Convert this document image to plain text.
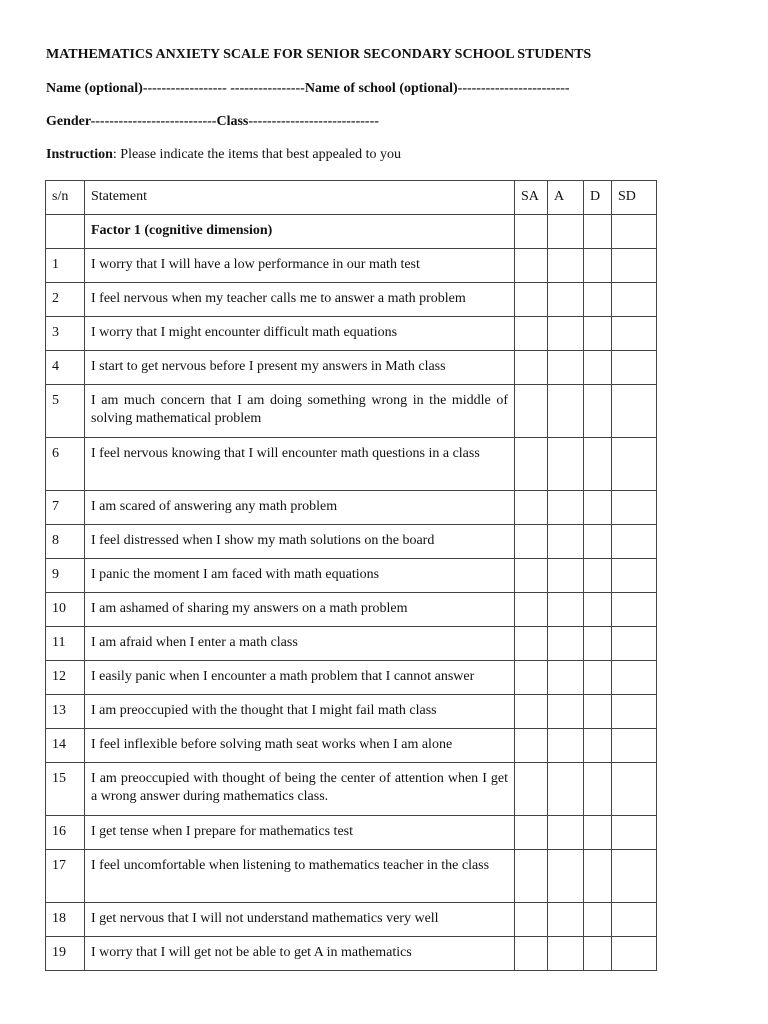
MATHEMATICS ANXIETY SCALE FOR SENIOR SECONDARY SCHOOL STUDENTS
Name (optional)------------------ ----------------Name of school (optional)------------------------
Gender---------------------------Class----------------------------
Instruction: Please indicate the items that best appealed to you
s/n	Statement	SA	A	D	SD
	Factor 1 (cognitive dimension)				
1	I worry that I will have a low performance in our math test				
2	I feel nervous when my teacher calls me to answer a math problem				
3	I worry that I might encounter difficult math equations				
4	I start to get nervous before I present my answers in Math class				
5	I am much concern that I am doing something wrong in the middle of solving mathematical problem				
6	I feel nervous knowing that I will encounter math questions in a class				
7	I am scared of answering any math problem				
8	I feel distressed when I show my math solutions on the board				
9	I panic the moment I am faced with math equations				
10	I am ashamed of sharing my answers on a math problem				
11	I am afraid when I enter a math class				
12	I easily panic when I encounter a math problem that I cannot answer				
13	I am preoccupied with the thought that I might fail math class				
14	I feel inflexible before solving math seat works when I am alone				
15	I am preoccupied with thought of being the center of attention when I get a wrong answer during mathematics class.				
16	I get tense when I prepare for mathematics test				
17	I feel uncomfortable when listening to mathematics teacher in the class				
18	I get nervous that I will not understand mathematics very well				
19	I worry that I will get not be able to get A in mathematics				
